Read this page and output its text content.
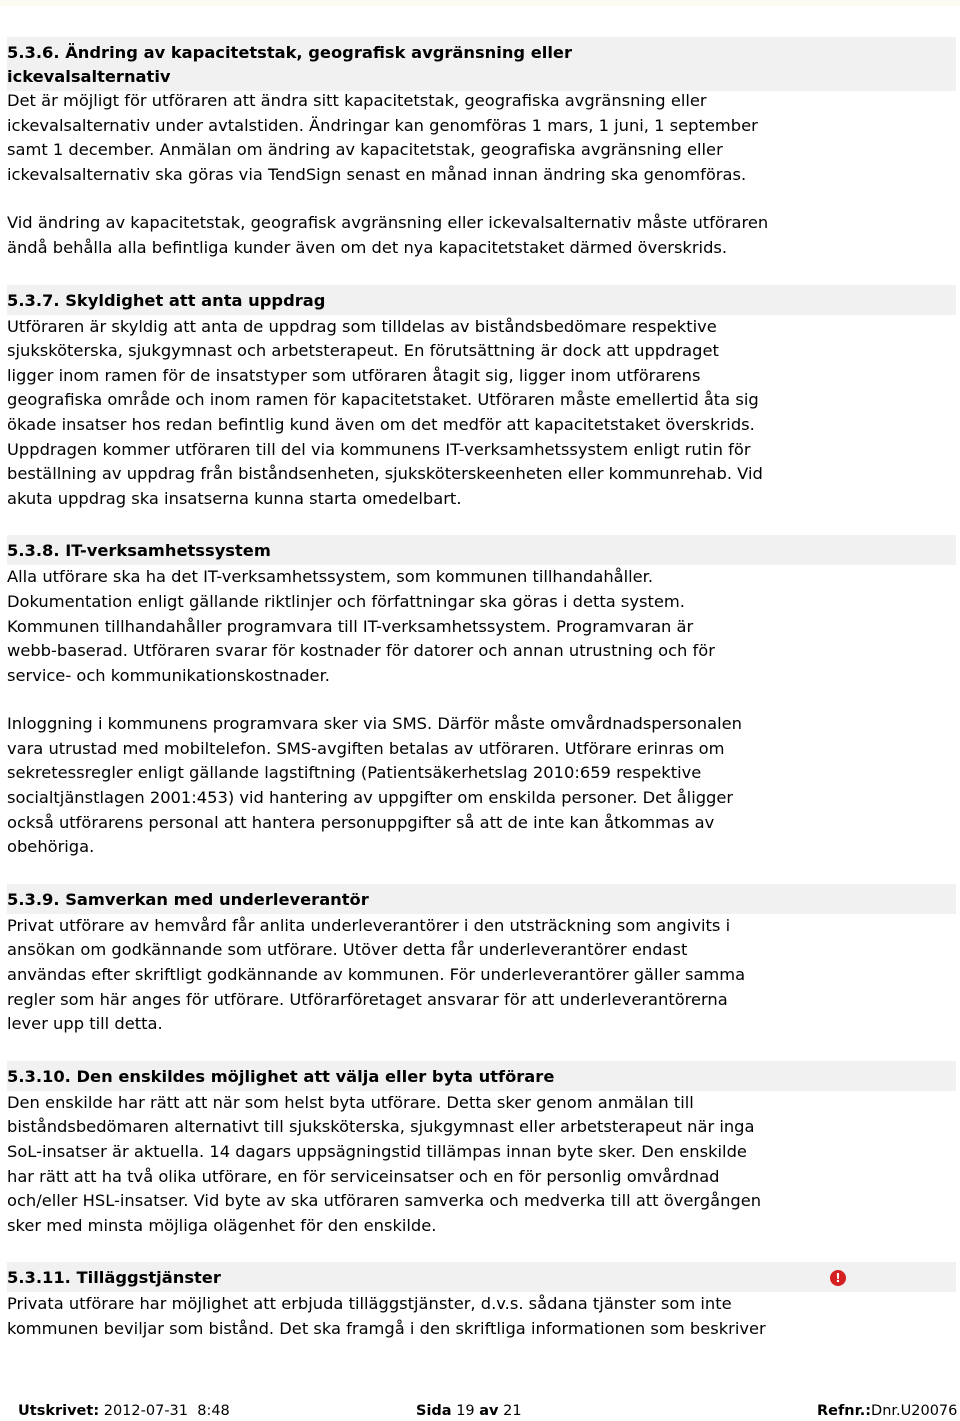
5.3.6. Ändring av kapacitetstak, geografisk avgränsning eller
ickevalsalternativ
Det är möjligt för utföraren att ändra sitt kapacitetstak, geografiska avgränsning eller
ickevalsalternativ under avtalstiden. Ändringar kan genomföras 1 mars, 1 juni, 1 september
samt 1 december. Anmälan om ändring av kapacitetstak, geografiska avgränsning eller
ickevalsalternativ ska göras via TendSign senast en månad innan ändring ska genomföras.
Vid ändring av kapacitetstak, geografisk avgränsning eller ickevalsalternativ måste utföraren
ändå behålla alla befintliga kunder även om det nya kapacitetstaket därmed överskrids.
5.3.7. Skyldighet att anta uppdrag
Utföraren är skyldig att anta de uppdrag som tilldelas av biståndsbedömare respektive
sjuksköterska, sjukgymnast och arbetsterapeut. En förutsättning är dock att uppdraget
ligger inom ramen för de insatstyper som utföraren åtagit sig, ligger inom utförarens
geografiska område och inom ramen för kapacitetstaket. Utföraren måste emellertid åta sig
ökade insatser hos redan befintlig kund även om det medför att kapacitetstaket överskrids.
Uppdragen kommer utföraren till del via kommunens IT-verksamhetssystem enligt rutin för
beställning av uppdrag från biståndsenheten, sjuksköterskeenheten eller kommunrehab. Vid
akuta uppdrag ska insatserna kunna starta omedelbart.
5.3.8. IT-verksamhetssystem
Alla utförare ska ha det IT-verksamhetssystem, som kommunen tillhandahåller.
Dokumentation enligt gällande riktlinjer och författningar ska göras i detta system.
Kommunen tillhandahåller programvara till IT-verksamhetssystem. Programvaran är
webb-baserad. Utföraren svarar för kostnader för datorer och annan utrustning och för
service- och kommunikationskostnader.
Inloggning i kommunens programvara sker via SMS. Därför måste omvårdnadspersonalen
vara utrustad med mobiltelefon. SMS-avgiften betalas av utföraren. Utförare erinras om
sekretessregler enligt gällande lagstiftning (Patientsäkerhetslag 2010:659 respektive
socialtjänstlagen 2001:453) vid hantering av uppgifter om enskilda personer. Det åligger
också utförarens personal att hantera personuppgifter så att de inte kan åtkommas av
obehöriga.
5.3.9. Samverkan med underleverantör
Privat utförare av hemvård får anlita underleverantörer i den utsträckning som angivits i
ansökan om godkännande som utförare. Utöver detta får underleverantörer endast
användas efter skriftligt godkännande av kommunen. För underleverantörer gäller samma
regler som här anges för utförare. Utförarföretaget ansvarar för att underleverantörerna
lever upp till detta.
5.3.10. Den enskildes möjlighet att välja eller byta utförare
Den enskilde har rätt att när som helst byta utförare. Detta sker genom anmälan till
biståndsbedömaren alternativt till sjuksköterska, sjukgymnast eller arbetsterapeut när inga
SoL-insatser är aktuella. 14 dagars uppsägningstid tillämpas innan byte sker. Den enskilde
har rätt att ha två olika utförare, en för serviceinsatser och en för personlig omvårdnad
och/eller HSL-insatser. Vid byte av ska utföraren samverka och medverka till att övergången
sker med minsta möjliga olägenhet för den enskilde.
5.3.11. Tilläggstjänster	!
Privata utförare har möjlighet att erbjuda tilläggstjänster, d.v.s. sådana tjänster som inte
kommunen beviljar som bistånd. Det ska framgå i den skriftliga informationen som beskriver
Utskrivet: 2012-07-31  8:48	Sida 19 av 21	Refnr.:Dnr.U20076
